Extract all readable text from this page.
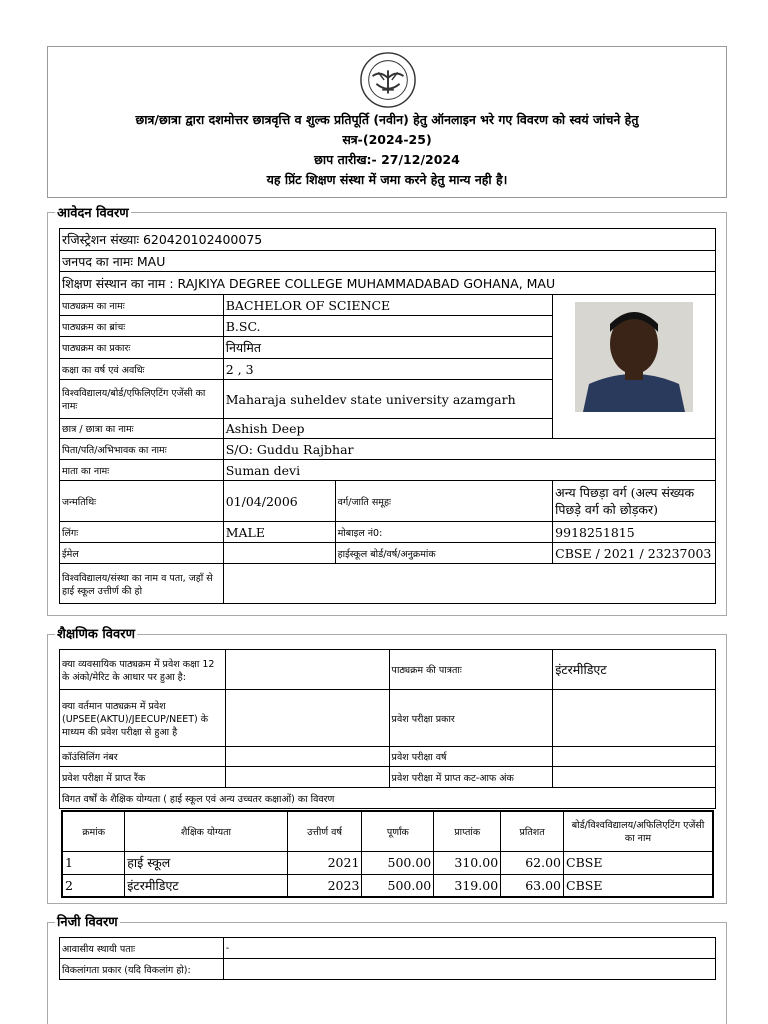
छात्र/छात्रा द्वारा दशमोत्तर छात्रवृत्ति व शुल्क प्रतिपूर्ति (नवीन) हेतु ऑनलाइन भरे गए विवरण को स्वयं जांचने हेतु
सत्र-(2024-25)
छाप तारीख:- 27/12/2024
यह प्रिंट शिक्षण संस्था में जमा करने हेतु मान्य नही है।
आवेदन विवरण
रजिस्ट्रेशन संख्याः 620420102400075			
जनपद का नामः MAU			
शिक्षण संस्थान का नाम : RAJKIYA DEGREE COLLEGE MUHAMMADABAD GOHANA, MAU			
पाठ्यक्रम का नामः	BACHELOR OF SCIENCE		
पाठ्यक्रम का ब्रांचः	B.SC.		
पाठ्यक्रम का प्रकारः	नियमित		
कक्षा का वर्ष एवं अवधिः	2 , 3		
विश्वविद्यालय/बोर्ड/एफिलिएटिंग एजेंसी का नामः	Maharaja suheldev state university azamgarh		
छात्र / छात्रा का नामः	Ashish Deep		
पिता/पति/अभिभावक का नामः	S/O: Guddu Rajbhar		
माता का नामः	Suman devi		
जन्मतिथिः	01/04/2006	वर्ग/जाति समूहः	अन्य पिछड़ा वर्ग (अल्प संख्यक पिछड़े वर्ग को छोड़कर)
लिंगः	MALE	मोबाइल नं0:	9918251815
ईमेल		हाईस्कूल बोर्ड/वर्ष/अनुक्रमांक	CBSE / 2021 / 23237003
विश्वविद्यालय/संस्था का नाम व पता, जहाँ से हाई स्कूल उत्तीर्ण की हो			
शैक्षणिक विवरण
क्या व्यवसायिक पाठ्यक्रम में प्रवेश कक्षा 12 के अंको/मेरिट के आधार पर हुआ है:		पाठ्यक्रम की पात्रताः	इंटरमीडिएट
क्या वर्तमान पाठ्यक्रम में प्रवेश (UPSEE(AKTU)/JEECUP/NEET) के माध्यम की प्रवेश परीक्षा से हुआ है		प्रवेश परीक्षा प्रकार	
कॉउंसिलिंग नंबर		प्रवेश परीक्षा वर्ष	
प्रवेश परीक्षा में प्राप्त रैंक		प्रवेश परीक्षा में प्राप्त कट-आफ अंक	
विगत वर्षों के शैक्षिक योग्यता ( हाई स्कूल एवं अन्य उच्चतर कक्षाओं) का विवरण			
क्रमांक	शैक्षिक योग्यता	उत्तीर्ण वर्ष	पूर्णांक	प्राप्तांक	प्रतिशत	बोर्ड/विश्वविद्यालय/अफिलिएटिंग एजेंसी का नाम
1	हाई स्कूल	2021	500.00	310.00	62.00	CBSE
2	इंटरमीडिएट	2023	500.00	319.00	63.00	CBSE
निजी विवरण
आवासीय स्थायी पताः	-
विकलांगता प्रकार (यदि विकलांग हो):	
